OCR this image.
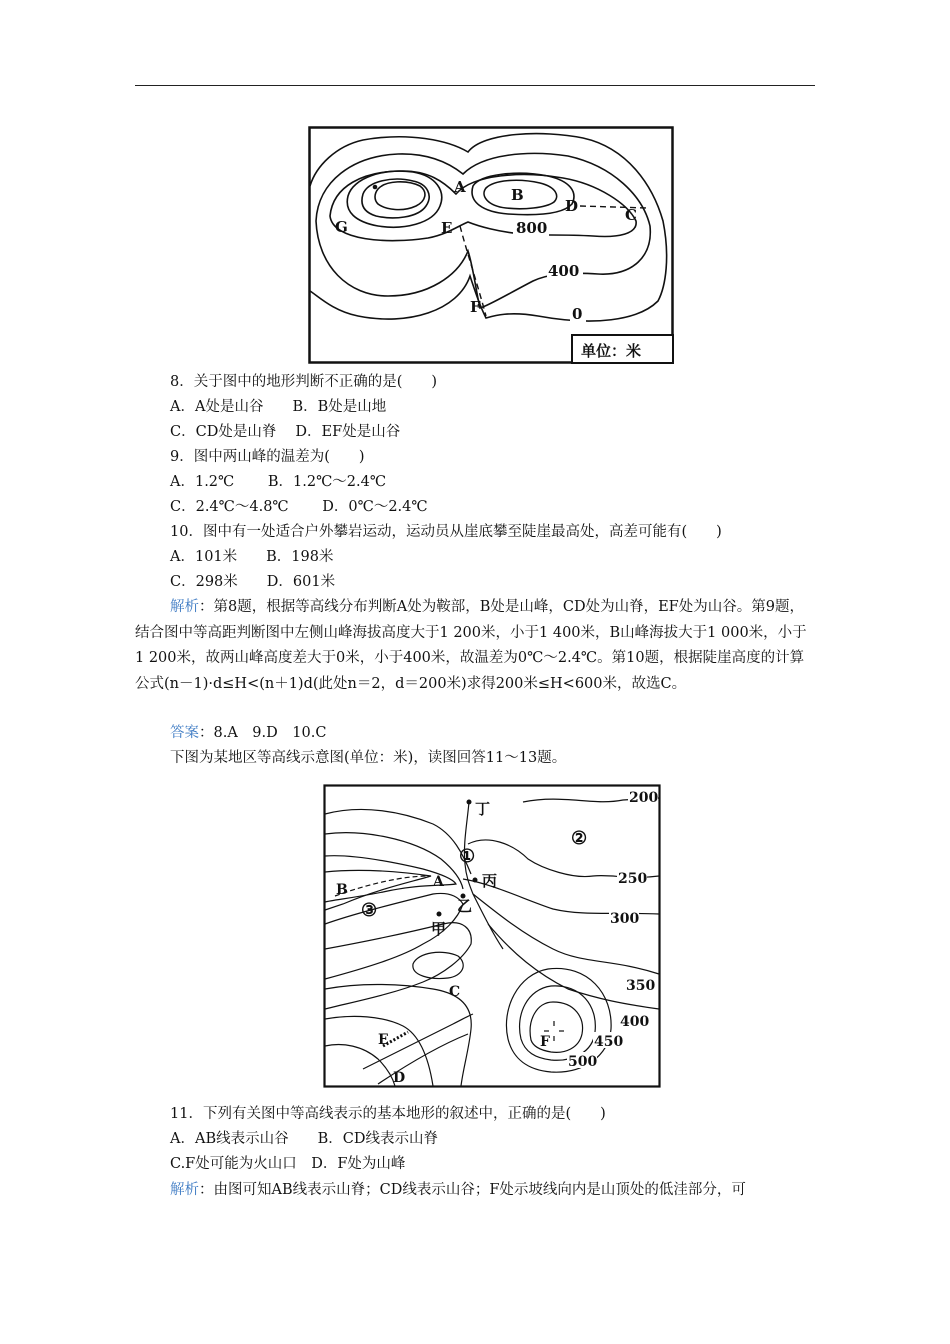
A	B
D	C
G	E
F
800
400
0
单位：米
8．关于图中的地形判断不正确的是(　　)
A．A处是山谷　　B．B处是山地
C．CD处是山脊　 D．EF处是山谷
9．图中两山峰的温差为(　　)
A．1.2℃　　 B．1.2℃～2.4℃
C．2.4℃～4.8℃　　 D．0℃～2.4℃
10．图中有一处适合户外攀岩运动，运动员从崖底攀至陡崖最高处，高差可能有(　　)
A．101米　　B．198米
C．298米　　D．601米
解析：第8题，根据等高线分布判断A处为鞍部，B处是山峰，CD处为山脊，EF处为山谷。第9题，结合图中等高距判断图中左侧山峰海拔高度大于1 200米，小于1 400米，B山峰海拔大于1 000米，小于1 200米，故两山峰高度差大于0米，小于400米，故温差为0℃～2.4℃。第10题，根据陡崖高度的计算公式(n－1)·d≤H<(n＋1)d(此处n＝2，d＝200米)求得200米≤H<600米，故选C。
答案：8.A　9.D　10.C
下图为某地区等高线示意图(单位：米)，读图回答11～13题。
丁
②
①
丙
B	A
③	乙
甲
C
E	F
D
200
250
300
350
400
450
500
11．下列有关图中等高线表示的基本地形的叙述中，正确的是(　　)
A．AB线表示山谷　　B．CD线表示山脊
C.F处可能为火山口　D．F处为山峰
解析：由图可知AB线表示山脊；CD线表示山谷；F处示坡线向内是山顶处的低洼部分，可
